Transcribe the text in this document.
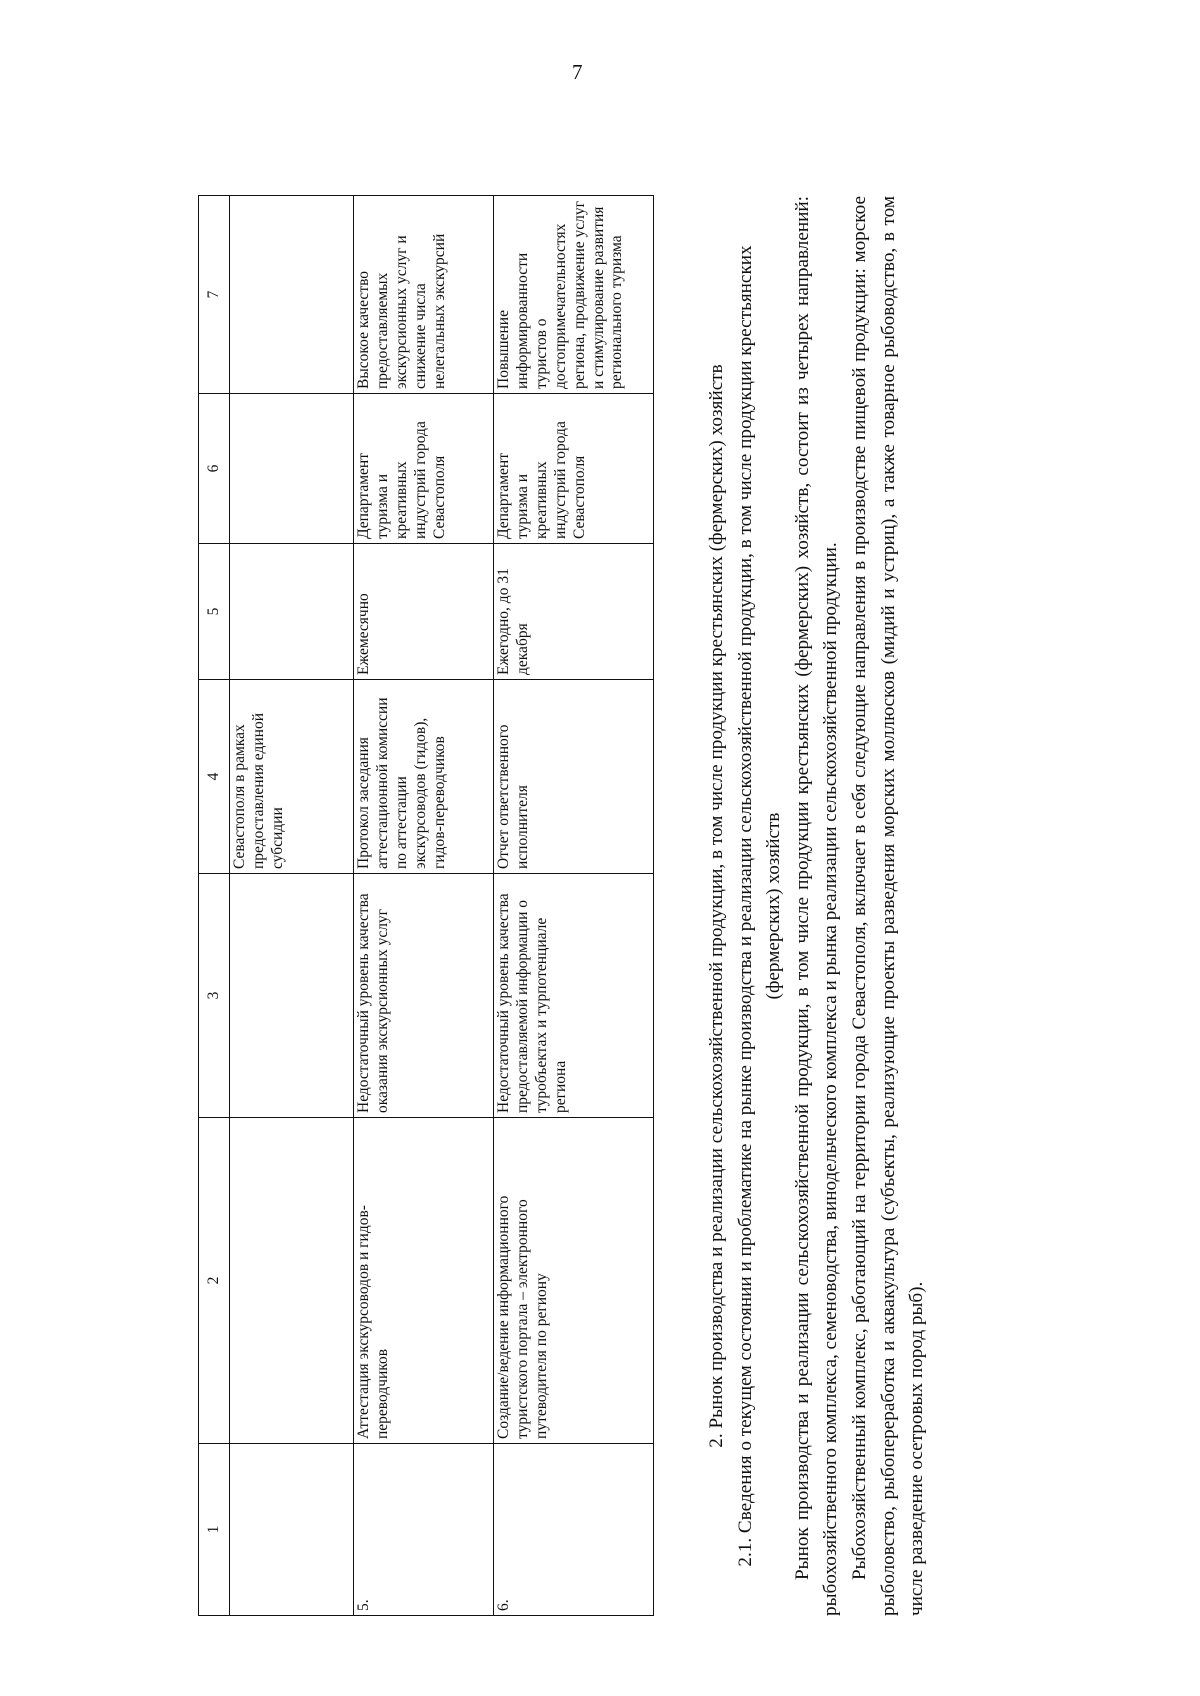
7
1	2	3	4	5	6	7
			Севастополя в рамках предоставления единой субсидии			
5.	Аттестация экскурсоводов и гидов-переводчиков	Недостаточный уровень качества оказания экскурсионных услуг	Протокол заседания аттестационной комиссии по аттестации экскурсоводов (гидов), гидов-переводчиков	Ежемесячно	Департамент туризма и креативных индустрий города Севастополя	Высокое качество предоставляемых экскурсионных услуг и снижение числа нелегальных экскурсий
6.	Создание/ведение информационного туристского портала – электронного путеводителя по региону	Недостаточный уровень качества предоставляемой информации о туробъектах и турпотенциале региона	Отчет ответственного исполнителя	Ежегодно, до 31 декабря	Департамент туризма и креативных индустрий города Севастополя	Повышение информированности туристов о достопримечательностях региона, продвижение услуг и стимулирование развития регионального туризма

2. Рынок производства и реализации сельскохозяйственной продукции, в том числе продукции крестьянских (фермерских) хозяйств 2.1. Сведения о текущем состоянии и проблематике на рынке производства и реализации сельскохозяйственной продукции, в том числе продукции крестьянских (фермерских) хозяйств Рынок производства и реализации сельскохозяйственной продукции, в том числе продукции крестьянских (фермерских) хозяйств, состоит из четырех направлений: рыбохозяйственного комплекса, семеноводства, винодельческого комплекса и рынка реализации сельскохозяйственной продукции. Рыбохозяйственный комплекс, работающий на территории города Севастополя, включает в себя следующие направления в производстве пищевой продукции: морское рыболовство, рыбопереработка и аквакультура (субъекты, реализующие проекты разведения морских моллюсков (мидий и устриц), а также товарное рыбоводство, в том числе разведение осетровых пород рыб).
